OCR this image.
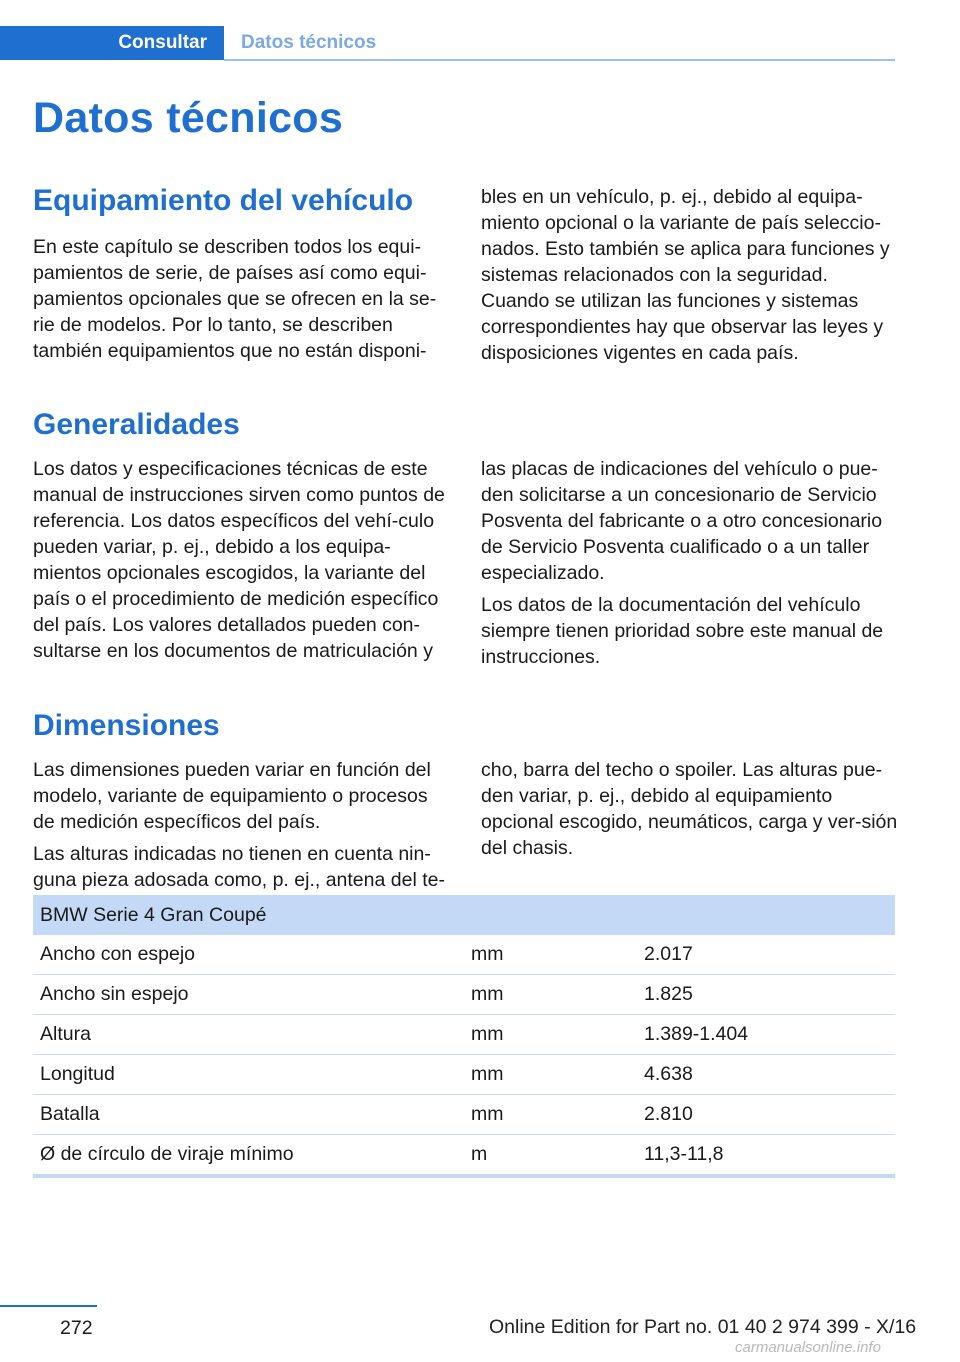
Consultar	Datos técnicos
Datos técnicos
Equipamiento del vehículo

En este capítulo se describen todos los equi‐pamientos de serie, de países así como equi‐pamientos opcionales que se ofrecen en la se‐rie de modelos. Por lo tanto, se describen también equipamientos que no están disponi‐

bles en un vehículo, p. ej., debido al equipa‐miento opcional o la variante de país seleccio‐nados. Esto también se aplica para funciones y sistemas relacionados con la seguridad. Cuando se utilizan las funciones y sistemas correspondientes hay que observar las leyes y disposiciones vigentes en cada país.

Generalidades

Los datos y especificaciones técnicas de este manual de instrucciones sirven como puntos de referencia. Los datos específicos del vehí‐culo pueden variar, p. ej., debido a los equipa‐mientos opcionales escogidos, la variante del país o el procedimiento de medición específico del país. Los valores detallados pueden con‐sultarse en los documentos de matriculación y

las placas de indicaciones del vehículo o pue‐den solicitarse a un concesionario de Servicio Posventa del fabricante o a otro concesionario de Servicio Posventa cualificado o a un taller especializado.

Los datos de la documentación del vehículo siempre tienen prioridad sobre este manual de instrucciones.

Dimensiones

Las dimensiones pueden variar en función del modelo, variante de equipamiento o procesos de medición específicos del país.

Las alturas indicadas no tienen en cuenta nin‐guna pieza adosada como, p. ej., antena del te‐

cho, barra del techo o spoiler. Las alturas pue‐den variar, p. ej., debido al equipamiento opcional escogido, neumáticos, carga y ver‐sión del chasis.

BMW Serie 4 Gran Coupé		
Ancho con espejo	mm	2.017
Ancho sin espejo	mm	1.825
Altura	mm	1.389-1.404
Longitud	mm	4.638
Batalla	mm	2.810
Ø de círculo de viraje mínimo	m	11,3-11,8
272	Online Edition for Part no. 01 40 2 974 399 - X/16
carmanualsonline.info
